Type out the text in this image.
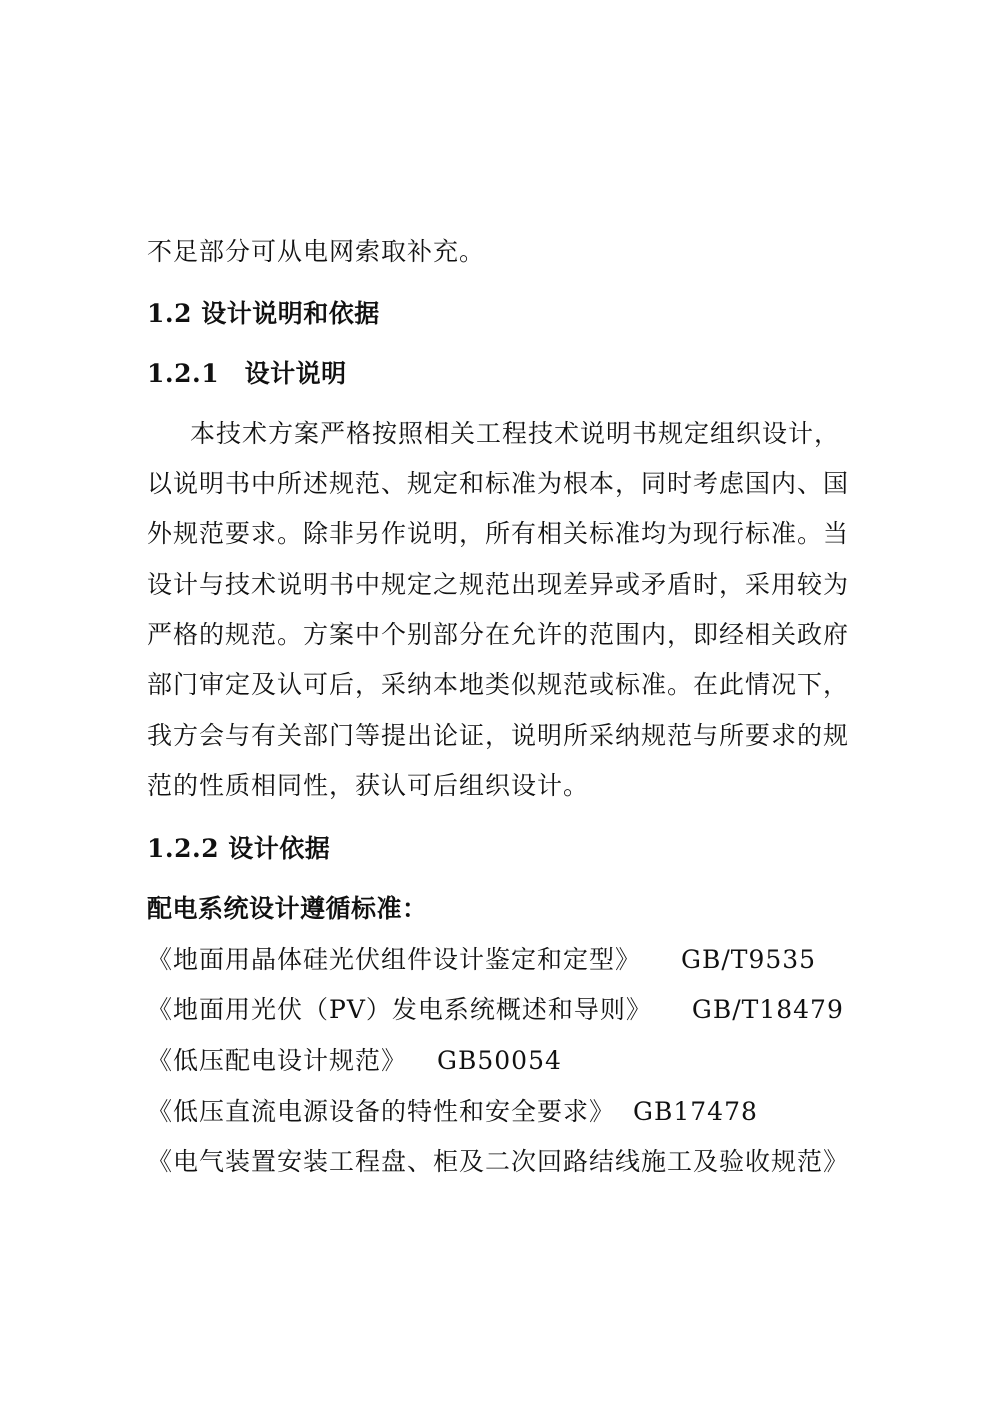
不足部分可从电网索取补充。
1.2 设计说明和依据
1.2.1　设计说明
本技术方案严格按照相关工程技术说明书规定组织设计，
以说明书中所述规范、规定和标准为根本，同时考虑国内、国
外规范要求。除非另作说明，所有相关标准均为现行标准。当
设计与技术说明书中规定之规范出现差异或矛盾时，采用较为
严格的规范。方案中个别部分在允许的范围内，即经相关政府
部门审定及认可后，采纳本地类似规范或标准。在此情况下，
我方会与有关部门等提出论证，说明所采纳规范与所要求的规
范的性质相同性，获认可后组织设计。
1.2.2 设计依据
配电系统设计遵循标准：
《地面用晶体硅光伏组件设计鉴定和定型》 GB/T9535
《地面用光伏（PV）发电系统概述和导则》 GB/T18479
《低压配电设计规范》 GB50054
《低压直流电源设备的特性和安全要求》 GB17478
《电气装置安装工程盘、柜及二次回路结线施工及验收规范》
